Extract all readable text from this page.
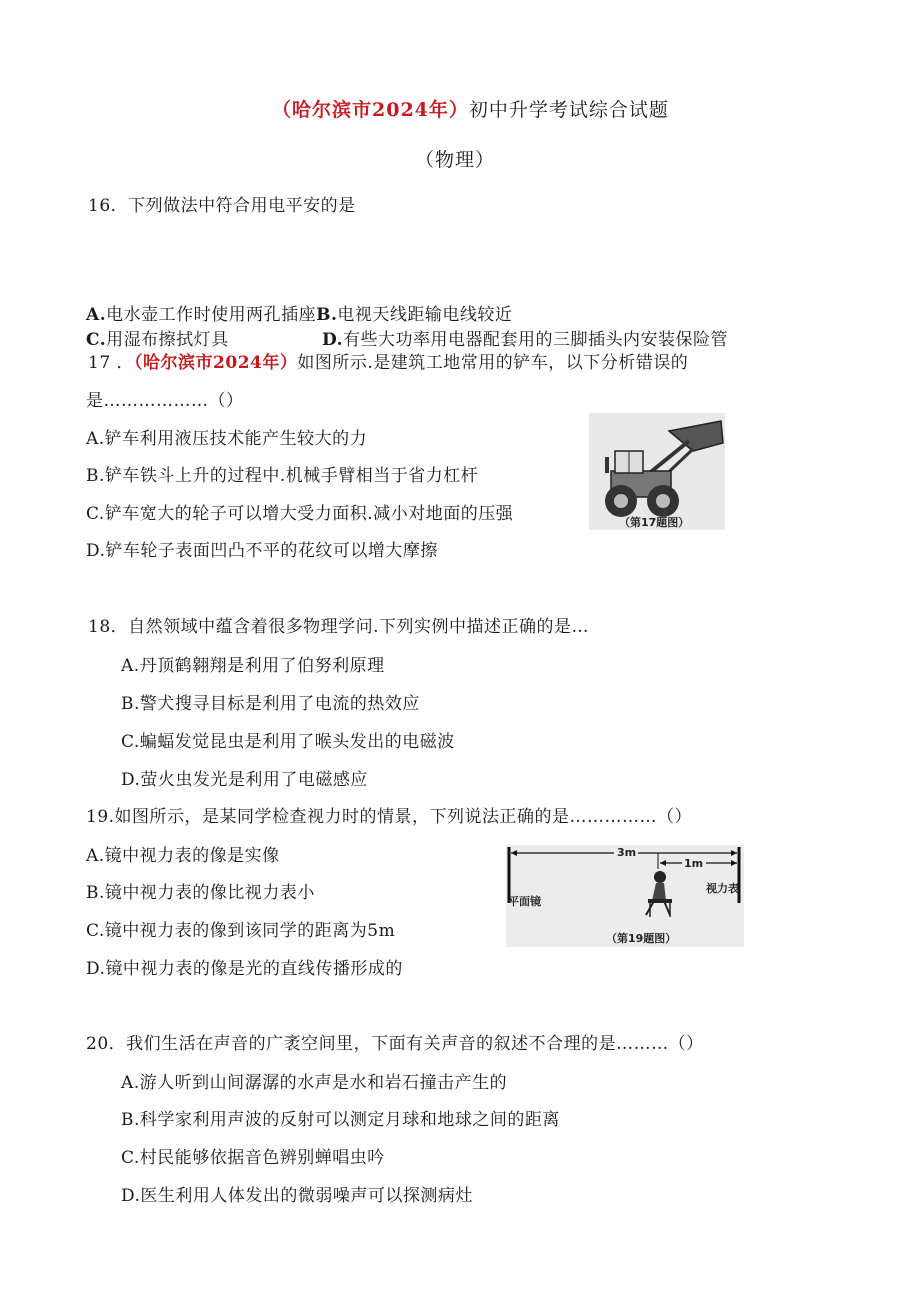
（哈尔滨市2024年）初中升学考试综合试题
（物理）
16．下列做法中符合用电平安的是
A.电水壶工作时使用两孔插座B.电视天线距输电线较近
C.用湿布擦拭灯具	D.有些大功率用电器配套用的三脚插头内安装保险管
17 ．（哈尔滨市2024年）如图所示.是建筑工地常用的铲车，以下分析错误的
是………………（）
A.铲车利用液压技术能产生较大的力
B.铲车铁斗上升的过程中.机械手臂相当于省力杠杆
C.铲车宽大的轮子可以增大受力面积.减小对地面的压强
D.铲车轮子表面凹凸不平的花纹可以增大摩擦
（第17题图）
18．自然领域中蕴含着很多物理学问.下列实例中描述正确的是…
A.丹顶鹤翱翔是利用了伯努利原理
B.警犬搜寻目标是利用了电流的热效应
C.蝙蝠发觉昆虫是利用了喉头发出的电磁波
D.萤火虫发光是利用了电磁感应
19.如图所示，是某同学检查视力时的情景，下列说法正确的是……………（）
A.镜中视力表的像是实像
B.镜中视力表的像比视力表小
C.镜中视力表的像到该同学的距离为5m
D.镜中视力表的像是光的直线传播形成的
3m
1m
平面镜
视力表
（第19题图）
20．我们生活在声音的广袤空间里，下面有关声音的叙述不合理的是………（）
A.游人听到山间潺潺的水声是水和岩石撞击产生的
B.科学家利用声波的反射可以测定月球和地球之间的距离
C.村民能够依据音色辨别蝉唱虫吟
D.医生利用人体发出的微弱噪声可以探测病灶
